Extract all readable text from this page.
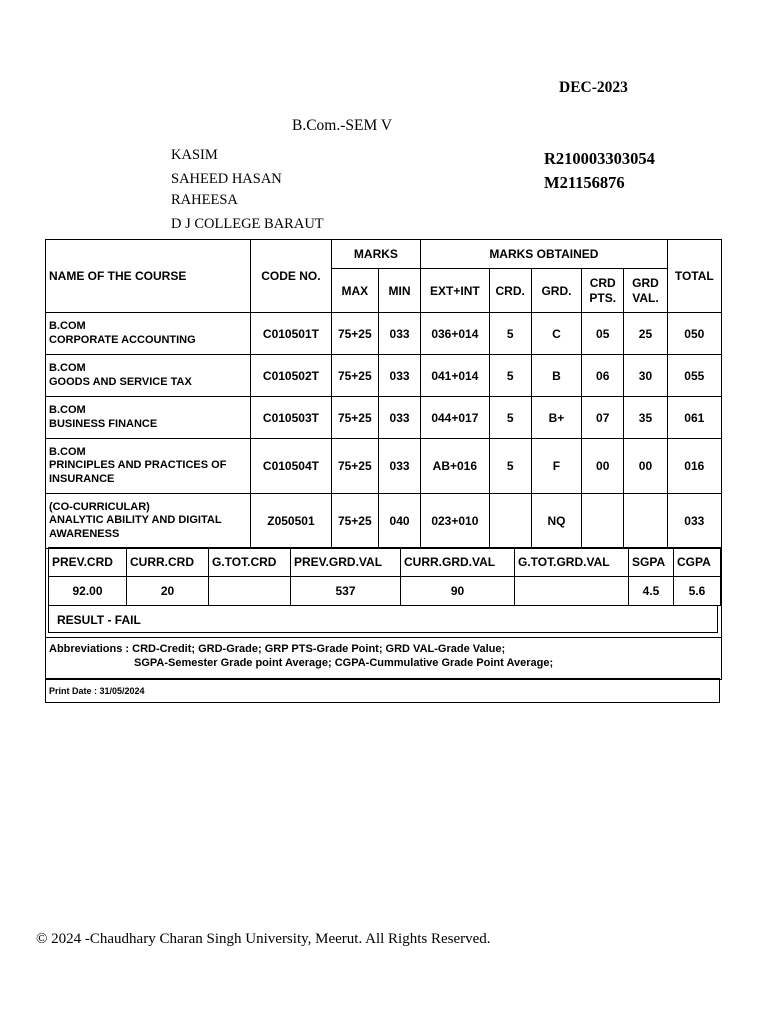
DEC-2023
B.Com.-SEM V
KASIM
SAHEED HASAN
RAHEESA
D J COLLEGE BARAUT
R210003303054
M21156876
NAME OF THE COURSE	CODE NO.	MARKS		MARKS OBTAINED					TOTAL
		MAX	MIN	EXT+INT	CRD.	GRD.	CRD PTS.	GRD VAL.	

B.COM
CORPORATE ACCOUNTING	C010501T	75+25	033	036+014	5	C	05	25	050

B.COM
GOODS AND SERVICE TAX	C010502T	75+25	033	041+014	5	B	06	30	055

B.COM
BUSINESS FINANCE	C010503T	75+25	033	044+017	5	B+	07	35	061

B.COM
PRINCIPLES AND PRACTICES OF
INSURANCE	C010504T	75+25	033	AB+016	5	F	00	00	016

(CO-CURRICULAR)
ANALYTIC ABILITY AND DIGITAL
AWARENESS	Z050501	75+25	040	023+010		NQ			033
PREV.CRD	CURR.CRD	G.TOT.CRD	PREV.GRD.VAL	CURR.GRD.VAL	G.TOT.GRD.VAL	SGPA	CGPA
92.00	20		537	90		4.5	5.6
RESULT - FAIL
Abbreviations : CRD-Credit; GRD-Grade; GRP PTS-Grade Point; GRD VAL-Grade Value;
SGPA-Semester Grade point Average; CGPA-Cummulative Grade Point Average;
Print Date : 31/05/2024
© 2024 -Chaudhary Charan Singh University, Meerut. All Rights Reserved.
